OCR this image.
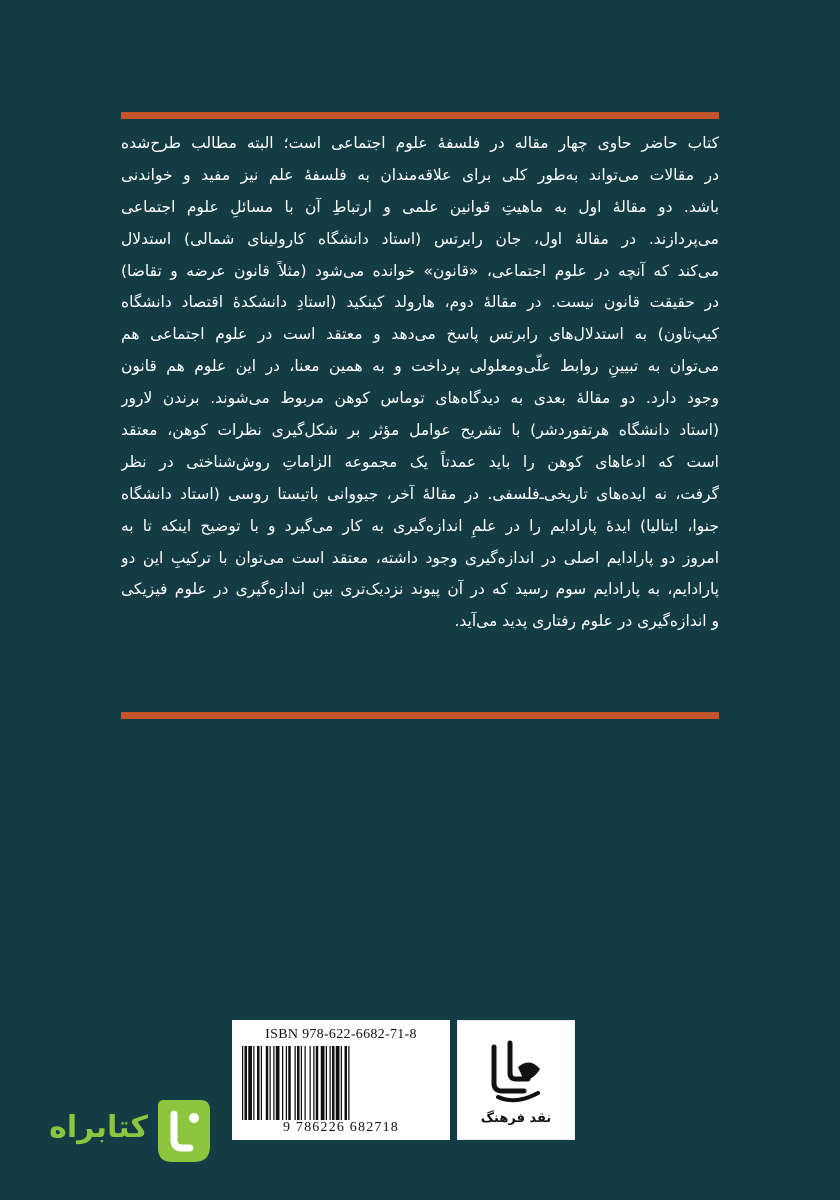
کتاب حاضر حاوی چهار مقاله در فلسفهٔ علوم اجتماعی است؛ البته مطالب طرح‌شده
در مقالات می‌تواند به‌طور کلی برای علاقه‌مندان به فلسفهٔ علم نیز مفید و خواندنی
باشد. دو مقالهٔ اول به ماهیتِ قوانین علمی و ارتباطِ آن با مسائلِ علوم اجتماعی
می‌پردازند. در مقالهٔ اول، جان رابرتس (استاد دانشگاه کارولینای شمالی) استدلال
می‌کند که آنچه در علوم اجتماعی، «قانون» خوانده می‌شود (مثلاً قانون عرضه و تقاضا)
در حقیقت قانون نیست. در مقالهٔ دوم، هارولد کینکید (استادِ دانشکدهٔ اقتصاد دانشگاه
کیپ‌تاون) به استدلال‌های رابرتس پاسخ می‌دهد و معتقد است در علوم اجتماعی هم
می‌توان به تبیینِ روابط علّی‌ومعلولی پرداخت و به همین معنا، در این علوم هم قانون
وجود دارد. دو مقالهٔ بعدی به دیدگاه‌های توماس کوهن مربوط می‌شوند. برندن لارور
(استاد دانشگاه هرتفوردشر) با تشریح عوامل مؤثر بر شکل‌گیری نظرات کوهن، معتقد
است که ادعاهای کوهن را باید عمدتاً یک مجموعه الزاماتِ روش‌شناختی در نظر
گرفت، نه ایده‌های تاریخی‌ـ‌فلسفی. در مقالهٔ آخر، جیووانی باتیستا روسی (استاد دانشگاه
جنوا، ایتالیا) ایدهٔ پارادایم را در علمِ اندازه‌گیری به کار می‌گیرد و با توضیح اینکه تا به
امروز دو پارادایم اصلی در اندازه‌گیری وجود داشته، معتقد است می‌توان با ترکیبِ این دو
پارادایم، به پارادایم سوم رسید که در آن پیوند نزدیک‌تری بین اندازه‌گیری در علوم فیزیکی
و اندازه‌گیری در علوم رفتاری پدید می‌آید.
ISBN 978-622-6682-71-8
9 786226 682718
نقد فرهنگ
کتابراه
